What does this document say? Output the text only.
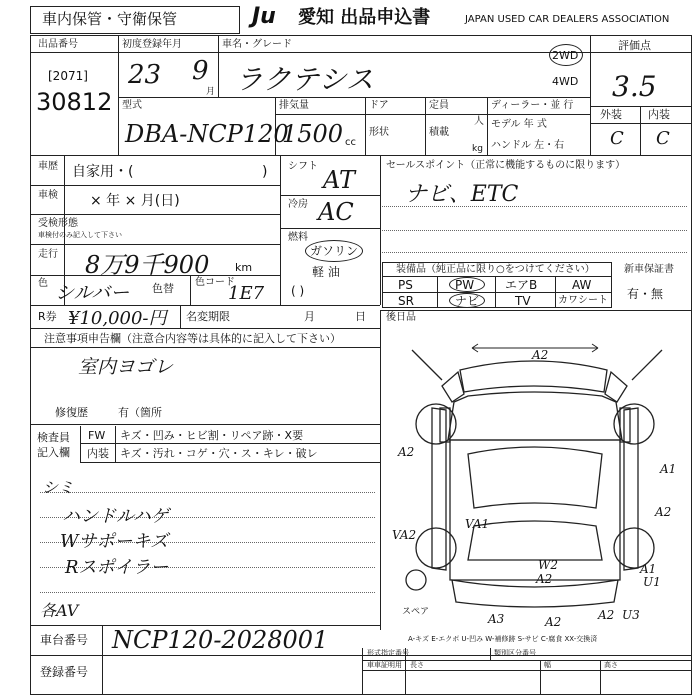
車内保管・守衛保管	Ju 愛知 出品申込書	JAPAN USED CAR DEALERS ASSOCIATION
出品番号
[2071]
30812
初度登録年月
23 9
月
車名・グレード
ラクテシス
2WD
4WD
評価点
3.5
外装 内装
C C
型式
DBA-NCP120
排気量
1500 cc
ドア	定員
人
形状	積載
kg
ディーラー・並 行
モデル 年 式
ハンドル 左・右
車歴 自家用・(	)
車検 × 年 × 月(日)
受検形態
車検付のみ記入して下さい
走行 8万9千900 km
色 シルバー 色替 色コード
1E7
シフト AT
冷房 AC
燃料
ガソリン
軽 油
( )
セールスポイント（正常に機能するものに限ります）
ナビ、ETC
装備品（純正品に限り○をつけてください）
PS	PW	エアB	AW
SR	ナビ	TV	カワシート
新車保証書
有・無
R券 ¥10,000-円 名変期限	月	日 後日品
注意事項申告欄（注意合内容等は具体的に記入して下さい）
室内ヨゴレ
修復歴	有（箇所
検査員
記入欄
FW キズ・凹み・ヒビ割・リペア跡・X要
内装 キズ・汚れ・コゲ・穴・ス・キレ・破レ
シミ
ハンドルハゲ
Wサポーキズ
Rスポイラー
各AV
A2
A2
A1
A2
VA2
VA1
W2
A2
A1
U1
A3	A2	A2 U3
スペア
A-キズ E-エクボ U-凹み W-補修跡 S-サビ C-腐食 XX-交換済
車台番号 NCP120-2028001
登録番号
形式指定番号	類別区分番号
車車証明用 長さ	幅	高さ
